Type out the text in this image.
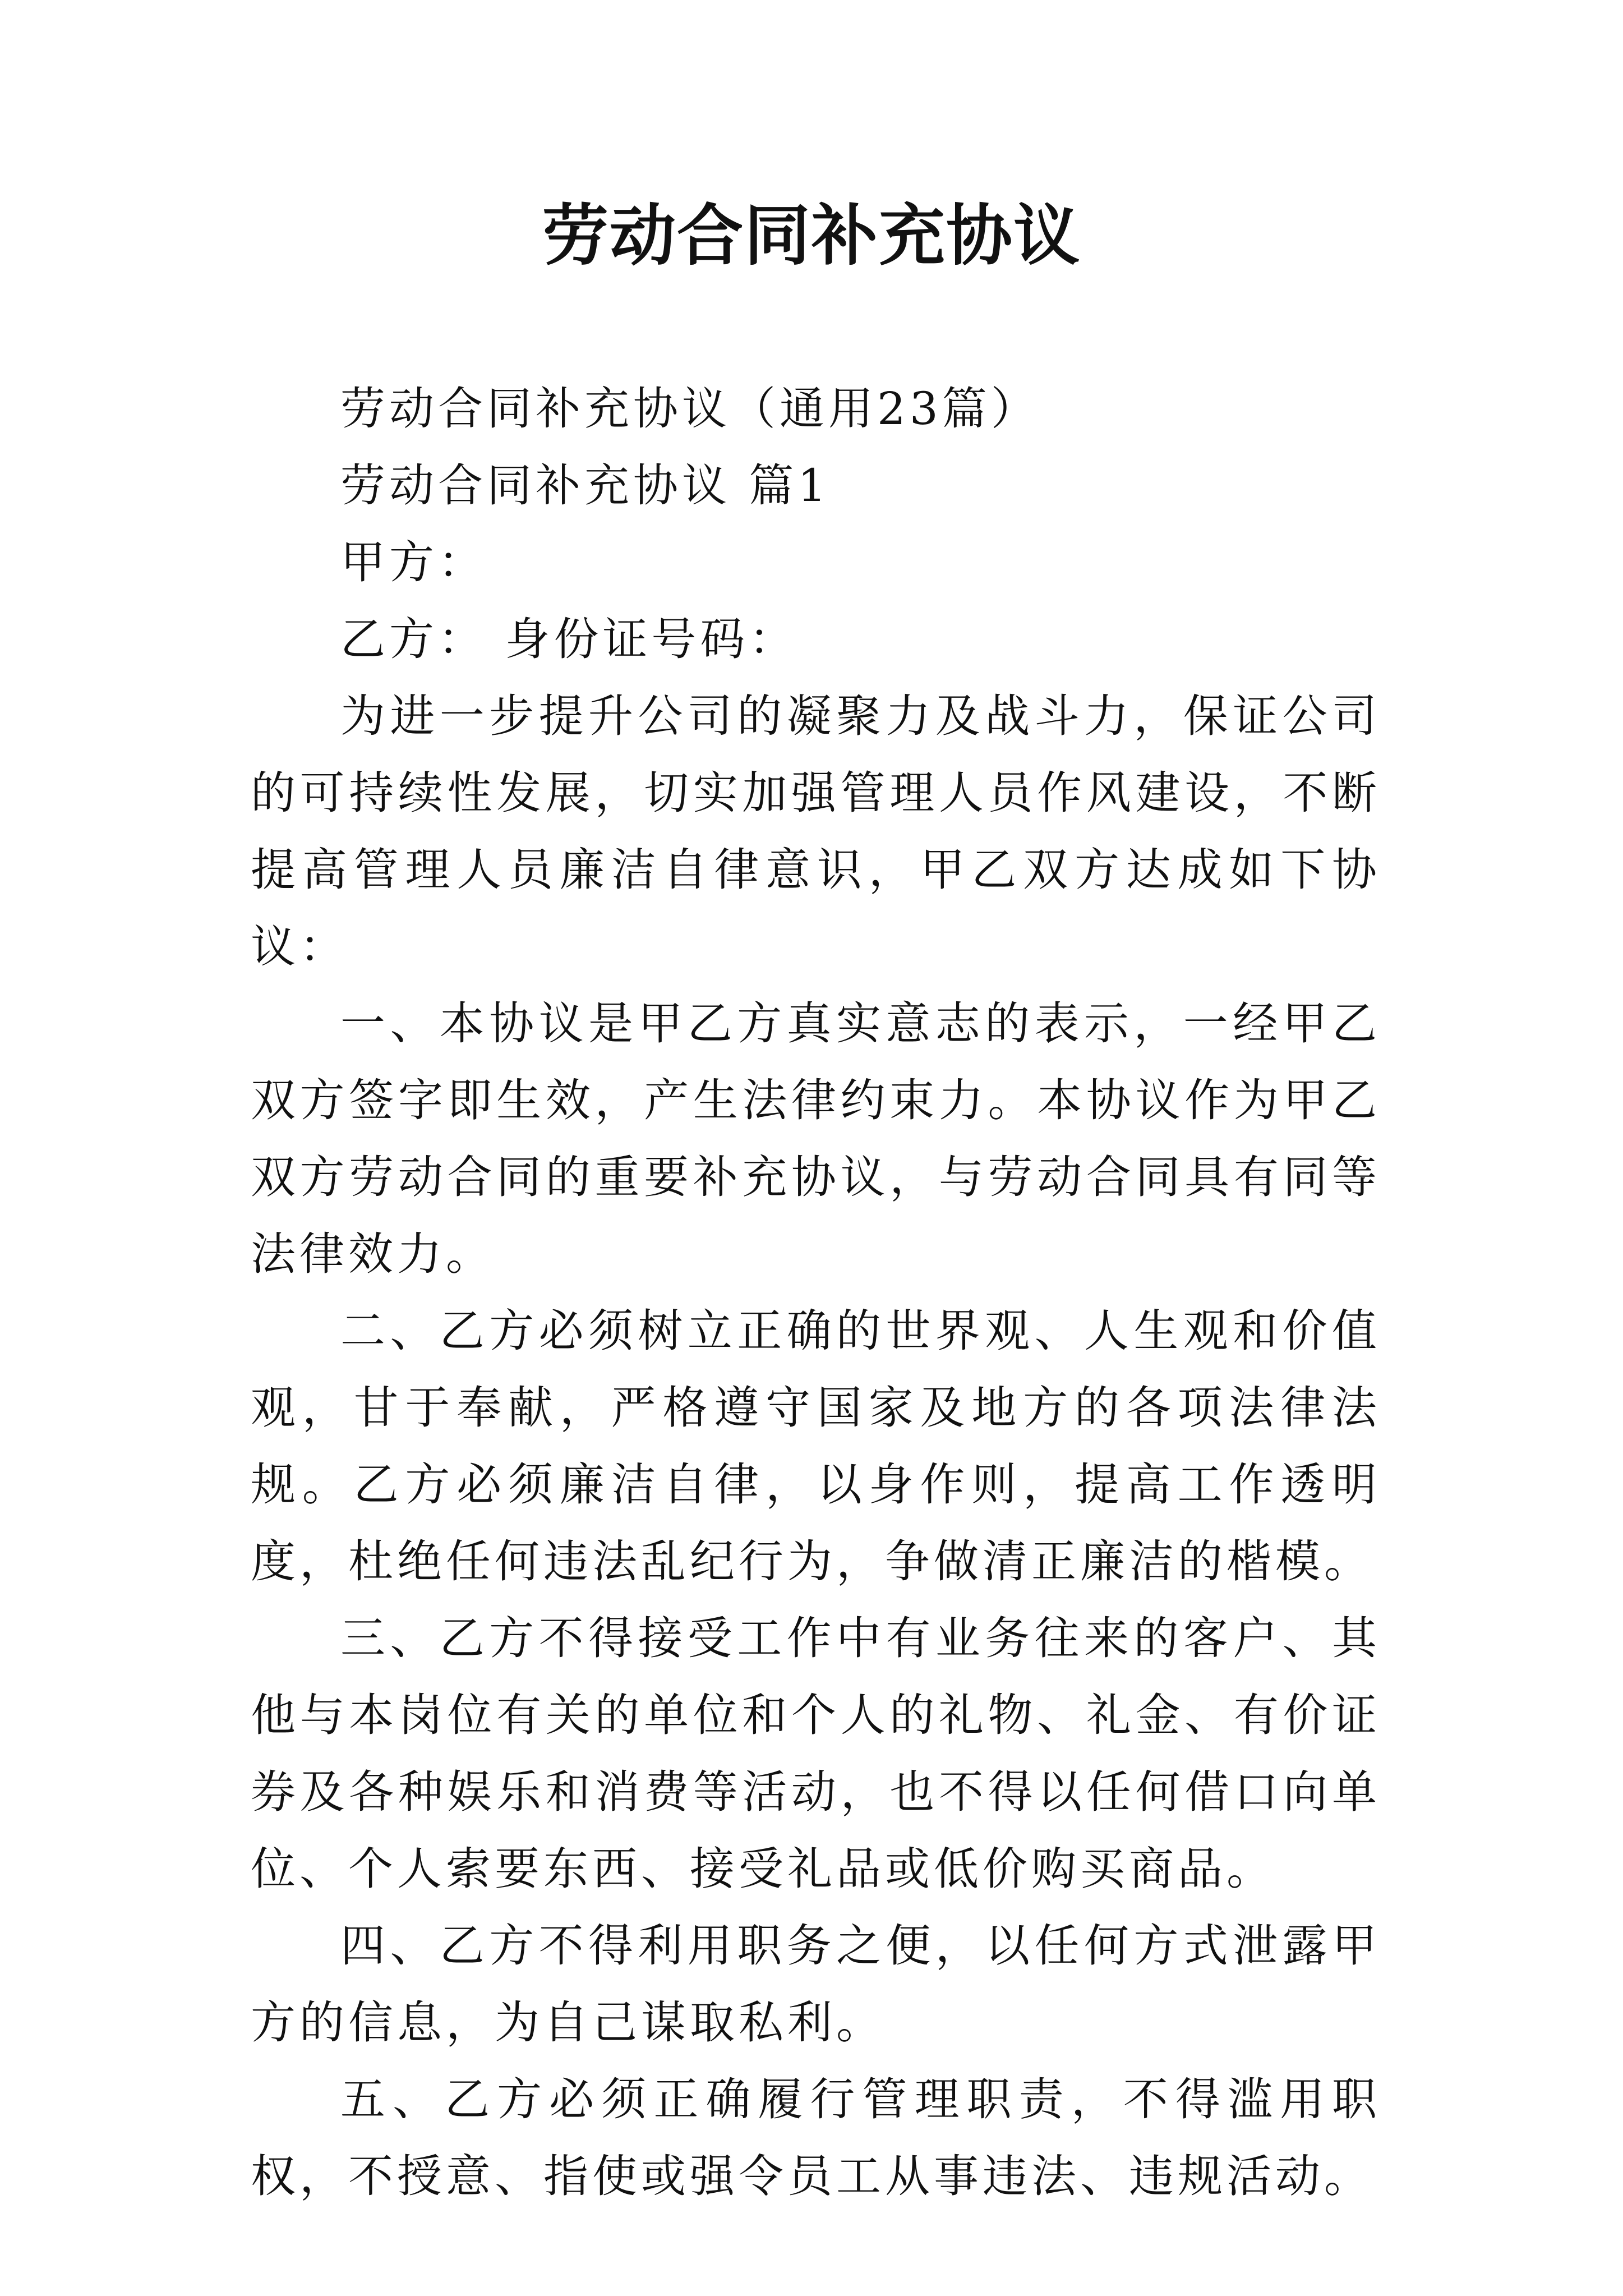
劳动合同补充协议
劳动合同补充协议（通用23篇）
劳动合同补充协议 篇1
甲方：
乙方： 身份证号码：
为进一步提升公司的凝聚力及战斗力，保证公司的可持续性发展，切实加强管理人员作风建设，不断提高管理人员廉洁自律意识，甲乙双方达成如下协议：
一、本协议是甲乙方真实意志的表示，一经甲乙双方签字即生效，产生法律约束力。本协议作为甲乙双方劳动合同的重要补充协议，与劳动合同具有同等法律效力。
二、乙方必须树立正确的世界观、人生观和价值观，甘于奉献，严格遵守国家及地方的各项法律法规。乙方必须廉洁自律，以身作则，提高工作透明度，杜绝任何违法乱纪行为，争做清正廉洁的楷模。
三、乙方不得接受工作中有业务往来的客户、其他与本岗位有关的单位和个人的礼物、礼金、有价证券及各种娱乐和消费等活动，也不得以任何借口向单位、个人索要东西、接受礼品或低价购买商品。
四、乙方不得利用职务之便，以任何方式泄露甲方的信息，为自己谋取私利。
五、乙方必须正确履行管理职责，不得滥用职权，不授意、指使或强令员工从事违法、违规活动。
